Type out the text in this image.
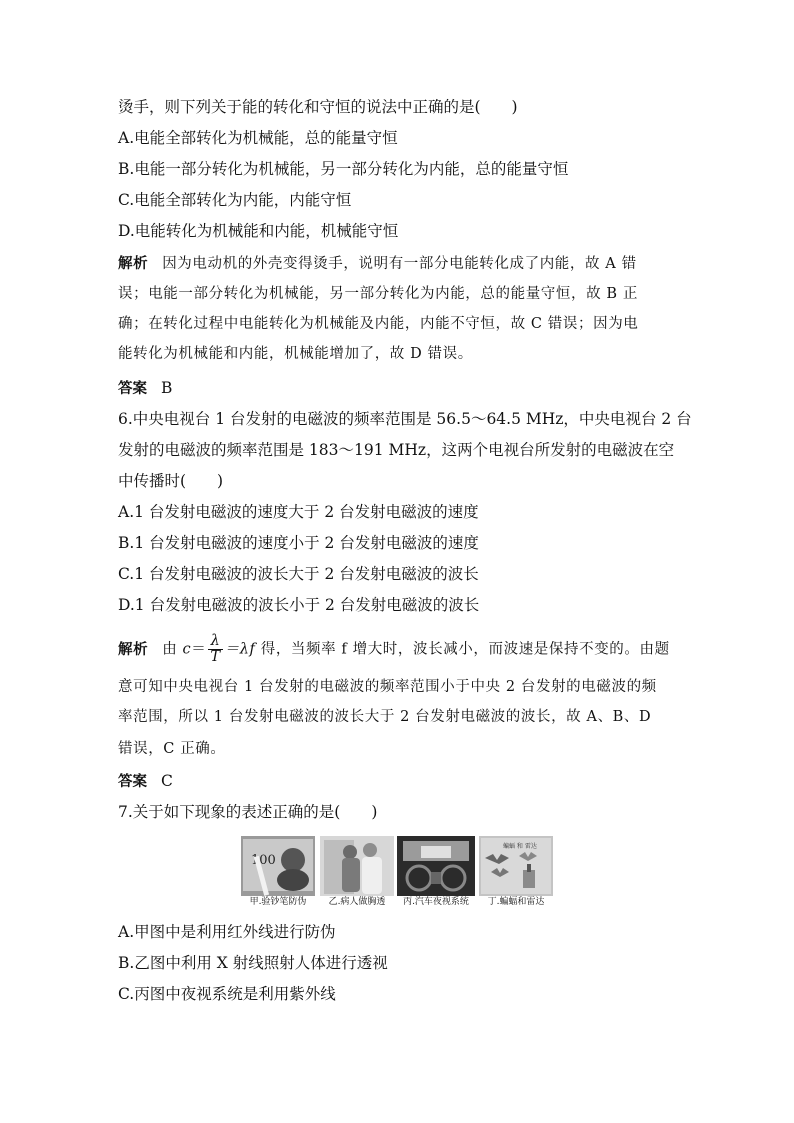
烫手，则下列关于能的转化和守恒的说法中正确的是(　　)
A.电能全部转化为机械能，总的能量守恒
B.电能一部分转化为机械能，另一部分转化为内能，总的能量守恒
C.电能全部转化为内能，内能守恒
D.电能转化为机械能和内能，机械能守恒
解析 因为电动机的外壳变得烫手，说明有一部分电能转化成了内能，故 A 错
误；电能一部分转化为机械能，另一部分转化为内能，总的能量守恒，故 B 正
确；在转化过程中电能转化为机械能及内能，内能不守恒，故 C 错误；因为电
能转化为机械能和内能，机械能增加了，故 D 错误。
答案 B
6.中央电视台 1 台发射的电磁波的频率范围是 56.5～64.5 MHz，中央电视台 2 台
发射的电磁波的频率范围是 183～191 MHz，这两个电视台所发射的电磁波在空
中传播时(　　)
A.1 台发射电磁波的速度大于 2 台发射电磁波的速度
B.1 台发射电磁波的速度小于 2 台发射电磁波的速度
C.1 台发射电磁波的波长大于 2 台发射电磁波的波长
D.1 台发射电磁波的波长小于 2 台发射电磁波的波长
解析 由 $c= \frac{\lambda}{T} =\lambda f$ 得，当频率 f 增大时，波长减小，而波速是保持不变的。由题
意可知中央电视台 1 台发射的电磁波的频率范围小于中央 2 台发射的电磁波的频
率范围，所以 1 台发射电磁波的波长大于 2 台发射电磁波的波长，故 A、B、D
错误，C 正确。
答案 C
7.关于如下现象的表述正确的是(　　)
100
甲.验钞笔防伪	乙.病人做胸透	丙.汽车夜视系统
蝙蝠 和 雷达
丁.蝙蝠和雷达
A.甲图中是利用红外线进行防伪
B.乙图中利用 X 射线照射人体进行透视
C.丙图中夜视系统是利用紫外线
